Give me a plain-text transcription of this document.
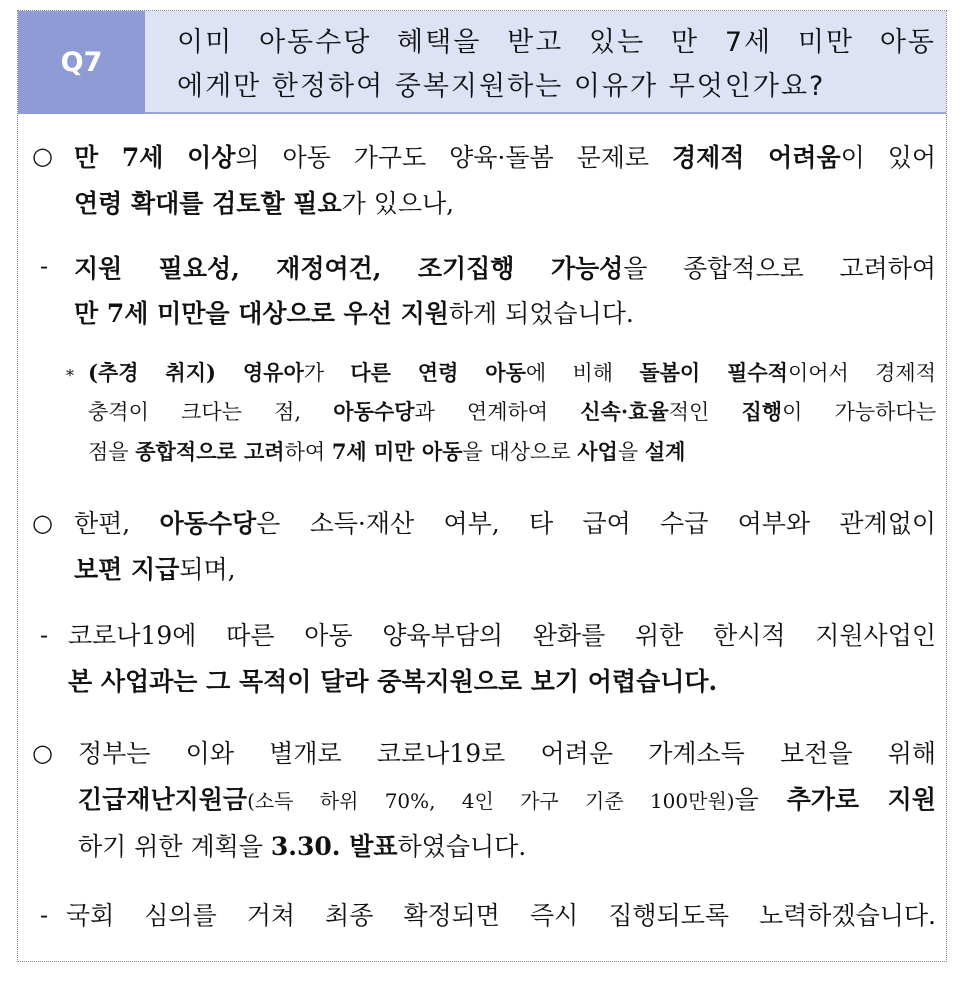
Q7
이미 아동수당 혜택을 받고 있는 만 7세 미만 아동
에게만 한정하여 중복지원하는 이유가 무엇인가요?
○ 만 7세 이상의 아동 가구도 양육·돌봄 문제로 경제적 어려움이 있어
연령 확대를 검토할 필요가 있으나,
- 지원 필요성, 재정여건, 조기집행 가능성을 종합적으로 고려하여
만 7세 미만을 대상으로 우선 지원하게 되었습니다.
* (추경 취지) 영유아가 다른 연령 아동에 비해 돌봄이 필수적이어서 경제적
충격이 크다는 점, 아동수당과 연계하여 신속·효율적인 집행이 가능하다는
점을 종합적으로 고려하여 7세 미만 아동을 대상으로 사업을 설계
○ 한편, 아동수당은 소득·재산 여부, 타 급여 수급 여부와 관계없이
보편 지급되며,
- 코로나19에 따른 아동 양육부담의 완화를 위한 한시적 지원사업인
본 사업과는 그 목적이 달라 중복지원으로 보기 어렵습니다.
○ 정부는 이와 별개로 코로나19로 어려운 가계소득 보전을 위해
긴급재난지원금(소득 하위 70%, 4인 가구 기준 100만원)을 추가로 지원
하기 위한 계획을 3.30. 발표하였습니다.
- 국회 심의를 거쳐 최종 확정되면 즉시 집행되도록 노력하겠습니다.
